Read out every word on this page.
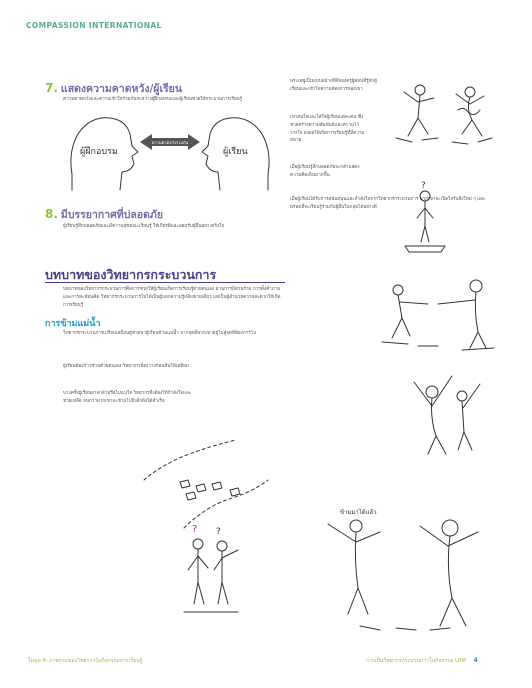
COMPASSION INTERNATIONAL
7. แสดงความคาดหวัง/ผู้เรียน
ความคาดหวังและความเข้าใจร่วมกันระหว่างผู้ฝึกอบรมและผู้เรียนช่วยให้กระบวนการเรียนรู้
ความคาดหวังร่วมกัน
ผู้ฝึกอบรม	ผู้เรียน
8. มีบรรยากาศที่ปลอดภัย
ผู้เรียนรู้สึกปลอดภัยและมีความสุขขณะเรียนรู้ ให้เกียรติและยอมรับผู้อื่นอย่างจริงใจ
พระเยซูเป็นแบบอย่างที่ดีของครูผู้สอนที่รู้จักผู้เรียนและเข้าใจความต้องการของเขา
เขาสนใจและใส่ใจผู้เรียนแต่ละคน ซึ่งช่วยสร้างความสัมพันธ์และความไว้วางใจ ส่งผลให้เกิดการเรียนรู้ที่มีความหมาย
เมื่อผู้เรียนรู้สึกปลอดภัยจะกล้าแสดงความคิดเห็นมากขึ้น
เมื่อผู้เรียนได้รับการสนับสนุนและกำลังใจจากวิทยากรกระบวนการ พวกเขาจะเปิดใจรับสิ่งใหม่ ๆ และพร้อมที่จะเรียนรู้ร่วมกับผู้อื่นในกลุ่มได้อย่างดี
?
บทบาทของวิทยากรกระบวนการ
บทบาทของวิทยากรกระบวนการคือการช่วยให้ผู้เรียนเกิดการเรียนรู้ด้วยตนเอง ผ่านการมีส่วนร่วม การตั้งคำถาม และการสะท้อนคิด วิทยากรกระบวนการไม่ได้เป็นผู้บอกความรู้เพียงฝ่ายเดียว แต่เป็นผู้อำนวยความสะดวกให้เกิดการเรียนรู้
การข้ามแม่น้ำ
วิทยากรกระบวนการเปรียบเสมือนผู้ช่วยพาผู้เรียนข้ามแม่น้ำ จากจุดที่พวกเขาอยู่ไปสู่จุดที่ต้องการไป
ผู้เรียนต้องก้าวข้ามด้วยตนเอง วิทยากรเพียงวางก้อนหินให้เหยียบ
บางครั้งผู้เรียนอาจกลัวหรือไม่แน่ใจ วิทยากรจึงต้องให้กำลังใจและช่วยเหลือ จนกว่าพวกเขาจะข้ามไปถึงอีกฝั่งได้สำเร็จ
? ?
ข้ามมาได้แล้ว
โมดูล 4: ภาพรวมของวิทยากรในกิจกรรมการเรียนรู้	การเป็นวิทยากรกระบวนการในกิจกรรม LRM 4
